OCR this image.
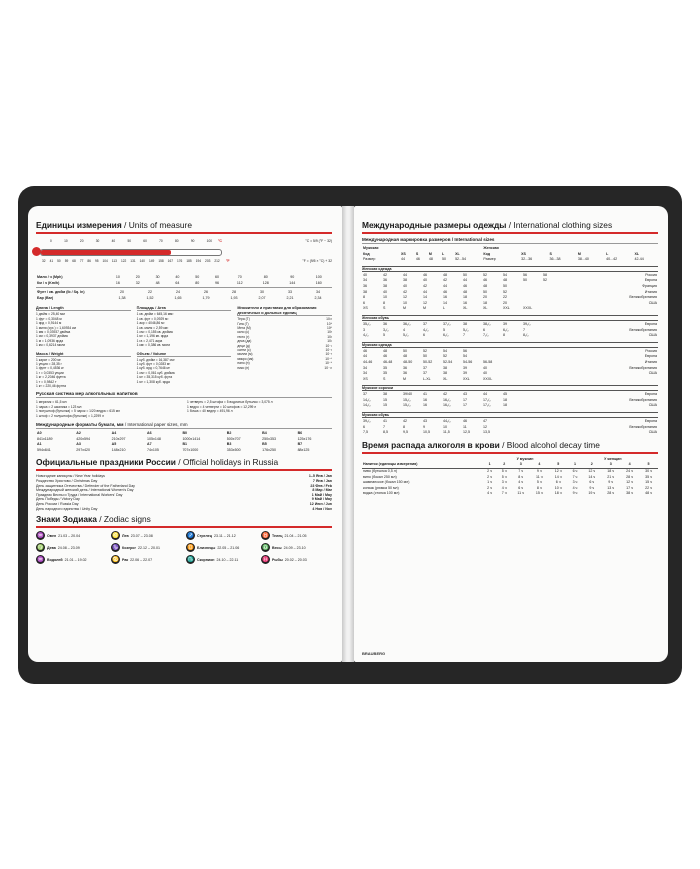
Единицы измерения / Units of measure
0	10	20	30	40	50	60	70	80	90	100 °C	°C = 5/9 (°F − 32)
32 41 50 59 68 77 86 95 104 113 122 131 140 149 158 167 176 185 194 203 212 °F	°F = (9/5 × °C) + 32
Мили / ч (Mph)	10	20	30	40	50	60	70	80	90	100
Км / ч (Km/h)	16	32	48	64	80	96	112	128	144	160
Фунт / кв. дюйм (lb / Sq. In)	20	22	24	26	28	30	33	34
Бар (Bar)	1,38	1,52	1,65	1,79	1,93	2,07	2,21	2,34
Длина / Length
1 дюйм = 25,40 мм
1 фут = 0,3048 м
1 ярд = 0,9144 м
1 миля (сух.) = 1,60934 км
1 мм = 0,03937 дюйма
1 см = 0,3937 дюйма
1 м = 1,0936 ярда
1 км = 0,6214 мили
Масса / Weight
1 карат = 200 мг
1 унция = 28,35 г
1 фунт = 0,4536 кг
1 г = 0,0353 унции
1 кг = 2,2046 фунта
1 т = 0,9842 т
1 кт = 220,46 фунта
Площадь / Area
1 кв. дюйм = 645,16 мм²
1 кв. фут = 0,0929 м²
1 акр = 4046,86 м²
1 кв. миля = 2,59 км²
1 см² = 0,155 кв. дюйма
1 м² = 1,196 кв. ярда
1 га = 2,471 акра
1 км² = 0,386 кв. мили
Объем / Volume
1 куб. дюйм = 16,387 см³
1 куб. фут = 0,0283 м³
1 куб. ярд = 0,7646 м³
1 см³ = 0,061 куб. дюйма
1 м³ = 35,315 куб. фута
1 м³ = 1,308 куб. ярда
Множители и приставки для образования десятичных и дольных единиц
Тера (T)	10¹²
Гига (Г)	10⁹
Мега (М)	10⁶
кило (к)	10³
гекто (г)	10²
дека (да)	10¹
деци (д)	10⁻¹
санти (с)	10⁻²
милли (м)	10⁻³
микро (мк)	10⁻⁶
нано (н)	10⁻⁹
пико (п)	10⁻¹²
Русская система мер алкогольных напитков
1 мерзлик = 61,5 мл
1 чарка = 2 шкалика = 123 мл
1 полуштоф (бутылка) = 5 чарок = 1/20 ведра = 615 мл
1 штоф = 2 полуштофа (бутылки) = 1,2299 л
1 четверть = 2,5 штофа = 5 водочных бутылок = 3,075 л
1 ведро = 4 четверти = 10 штофов = 12,299 л
1 бочка = 40 ведер = 491,96 л
Международные форматы бумаги, мм / International paper sizes, mm
A0	A2	A4	A6	B0	B2	B4	B6
841x1189	420x594	210x297	105x148	1000x1414	500x707	250x353	125x176
A1	A3	A5	A7	B1	B3	B5	B7
594x841	297x420	148x210	74x105	707x1000	353x500	176x250	88x125
Официальные праздники России / Official holidays in Russia
Новогодние каникулы / New Year holidays	1–5 Янв / Jan
Рождество Христово / Christmas Day	7 Янв / Jan
День защитника Отечества / Defender of the Fatherland Day	23 Фев / Feb
Международный женский день / International Women's Day	8 Мар / Mar
Праздник Весны и Труда / International Workers' Day	1 Май / May
День Победы / Victory Day	9 Май / May
День России / Russia Day	12 Июн / Jun
День народного единства / Unity Day	4 Ноя / Nov
Знаки Зодиака / Zodiac signs
♒ Овен 21.03 – 20.04	♌ Лев 23.07 – 23.08	♐ Стрелец 23.11 – 21.12	♉ Телец 21.04 – 21.05
♍ Дева 24.08 – 23.09	♑ Козерог 22.12 – 20.01	♊ Близнецы 22.05 – 21.06	♎ Весы 24.09 – 23.10
♒ Водолей 21.01 – 19.02	♋ Рак 22.06 – 22.07	♏ Скорпион 24.10 – 22.11	♓ Рыбы 20.02 – 20.03
Международные размеры одежды / International clothing sizes
Международная маркировка размеров / International sizes
Мужская						Женская					
Код	XS	S	M	L	XL	Код	XS	S	M	L	XL
Размер	44	46	48	50	52...54	Размер	32...36	36...38	38...40	40...42	42-44
Женская одежда
40	42	44	46	48	50	52	54	56	58	Россия
34	36	38	40	42	44	46	48	50	52	Европа
36	38	40	42	44	46	48	50			Франция
38	40	42	44	46	48	50	52			Италия
8	10	12	14	16	18	20	22			Великобритания
6	8	10	12	14	16	18	20			США
XS	S	M	M	L	XL	XL	XXL	XXXL		
Женская обувь
35₁/₂	36	36₁/₂	37	37₁/₂	38	38₁/₂	39	39₁/₂		Европа
3	3₁/₂	4	4₁/₂	5	5₁/₂	6	6₁/₂	7		Великобритания
4₁/₂	5	5₁/₂	6	6₁/₂	7	7₁/₂	8	8₁/₂		США
Мужская одежда
46	48	50	52	54	56					Россия
44	46	48	50	52	54					Европа
44-46	46-48	48-50	50-52	52-54	54-56	56-58				Италия
34	35	36	37	38	39	40				Великобритания
34	35	36	37	38	39	40				США
XS	S	M	L-XL	XL	XXL	XXXL				
Мужские сорочки
37	38	39/40	41	42	43	44	45			Европа
14₁/₂	15	15₁/₂	16	16₁/₂	17	17₁/₂	18			Великобритания
14₁/₂	15	15₁/₂	16	16₁/₂	17	17₁/₂	18			США
Мужская обувь
39₁/₂	41	42	43	44₁/₂	46	47				Европа
6	7	8	9	10	11	12				Великобритания
7,5	8,5	9,5	10,5	11,5	12,5	13,5				США
Время распада алкоголя в крови / Blood alcohol decay time
	У мужчин					У женщин				
Напиток (единицы измерения)	1	2	3	4	5	1	2	3	4	5
пиво (бутылка 0,5 л)	2 ч	5 ч	7 ч	9 ч	12 ч	6 ч	12 ч	18 ч	24 ч	30 ч
вино (бокал 250 мл)	2 ч	5 ч	8 ч	11 ч	14 ч	7 ч	14 ч	21 ч	28 ч	35 ч
шампанское (бокал 150 мл)	1 ч	3 ч	4 ч	5 ч	6 ч	3 ч	6 ч	9 ч	12 ч	15 ч
коньяк (рюмка 50 мл)	2 ч	4 ч	6 ч	8 ч	10 ч	4 ч	9 ч	13 ч	17 ч	22 ч
водка (стопка 100 мл)	4 ч	7 ч	11 ч	15 ч	18 ч	9 ч	19 ч	28 ч	38 ч	48 ч
BRAUBERG
